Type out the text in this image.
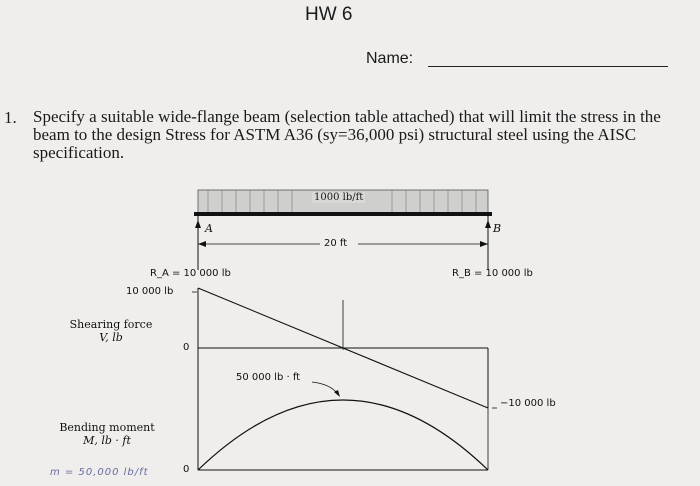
HW 6
Name:
1. Specify a suitable wide-flange beam (selection table attached) that will limit the stress in the beam to the design Stress for ASTM A36 (sy=36,000 psi) structural steel using the AISC specification.
1000 lb/ft
A	B
20 ft
R_A = 10 000 lb	R_B = 10 000 lb
10 000 lb
Shearing force
V, lb
0
50 000 lb · ft
−10 000 lb
Bending moment
M, lb · ft
0
m = 50,000 lb/ft
